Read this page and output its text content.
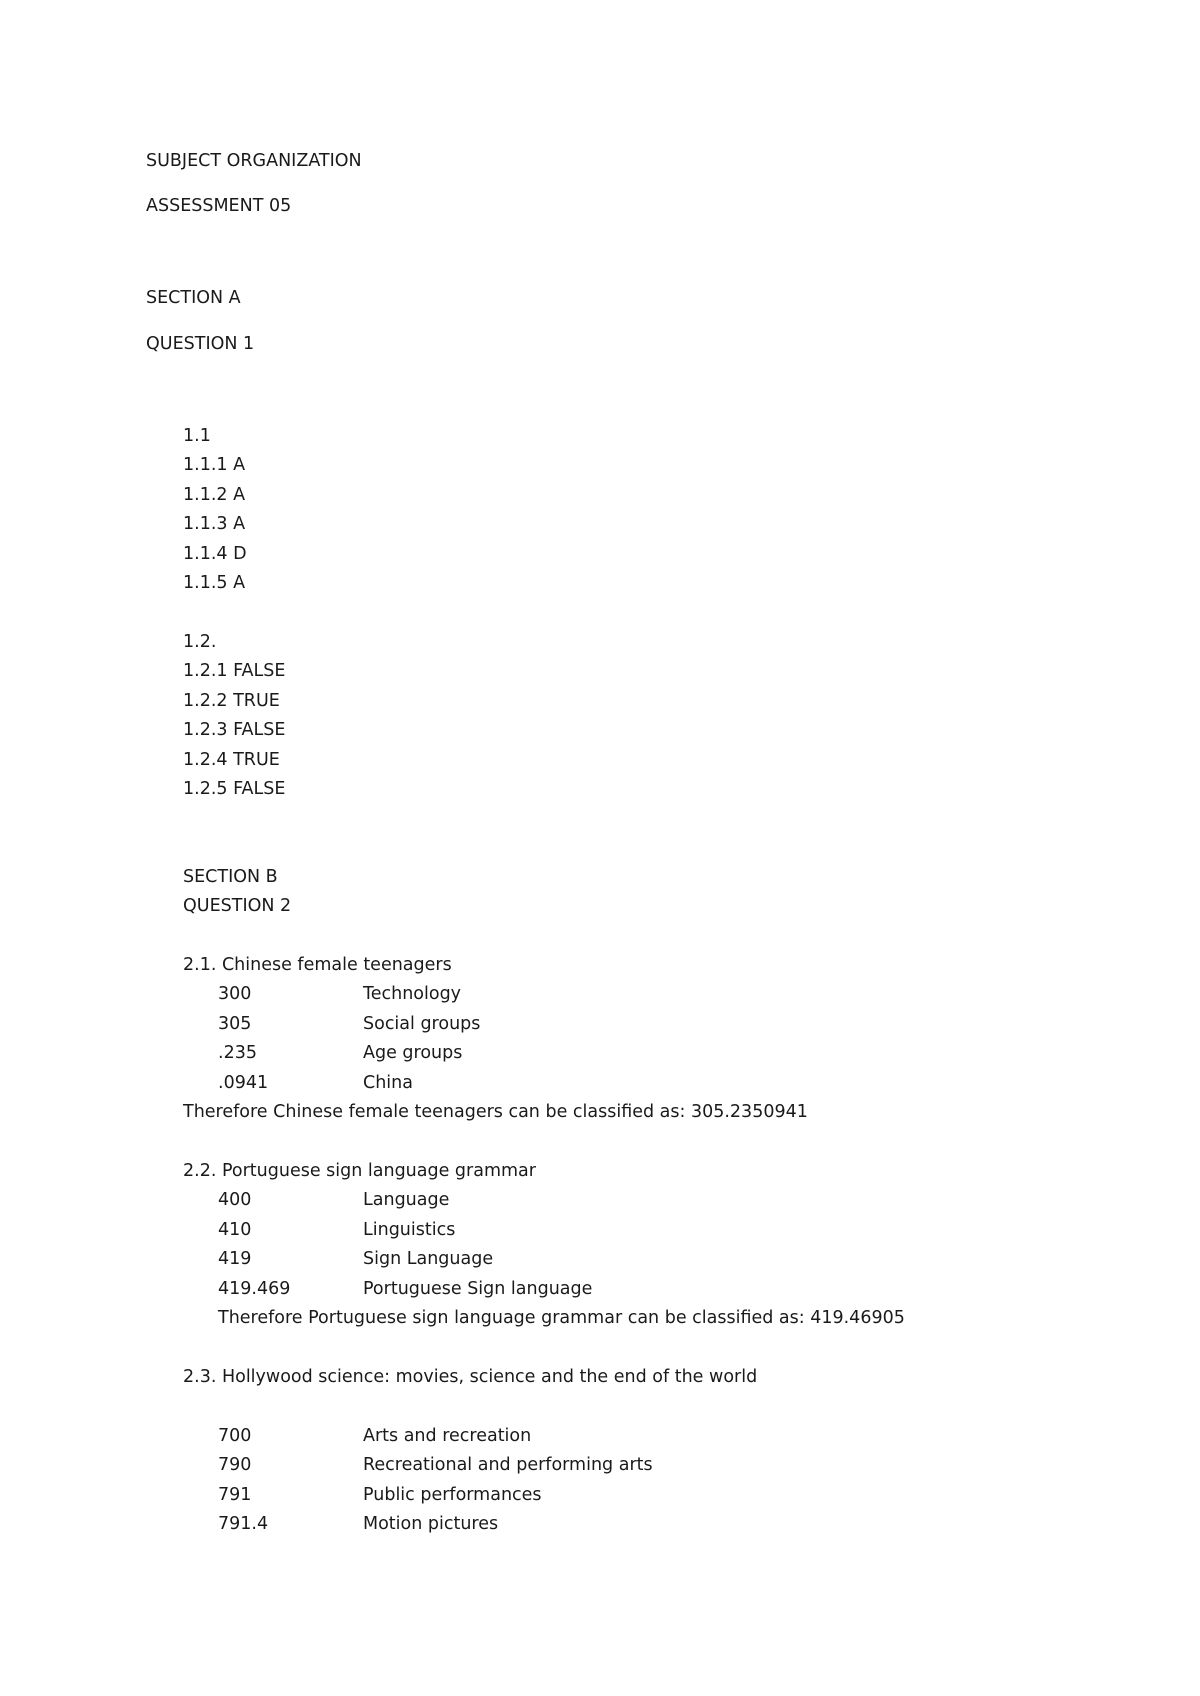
SUBJECT ORGANIZATION
ASSESSMENT 05
SECTION A
QUESTION 1
1.1
1.1.1 A
1.1.2 A
1.1.3 A
1.1.4 D
1.1.5 A
1.2.
1.2.1 FALSE
1.2.2 TRUE
1.2.3 FALSE
1.2.4 TRUE
1.2.5 FALSE
SECTION B
QUESTION 2
2.1. Chinese female teenagers
300	Technology
305	Social groups
.235	Age groups
.0941	China
Therefore Chinese female teenagers can be classified as: 305.2350941
2.2. Portuguese sign language grammar
400	Language
410	Linguistics
419	Sign Language
419.469	Portuguese Sign language
Therefore Portuguese sign language grammar can be classified as: 419.46905
2.3. Hollywood science: movies, science and the end of the world
700	Arts and recreation
790	Recreational and performing arts
791	Public performances
791.4	Motion pictures
